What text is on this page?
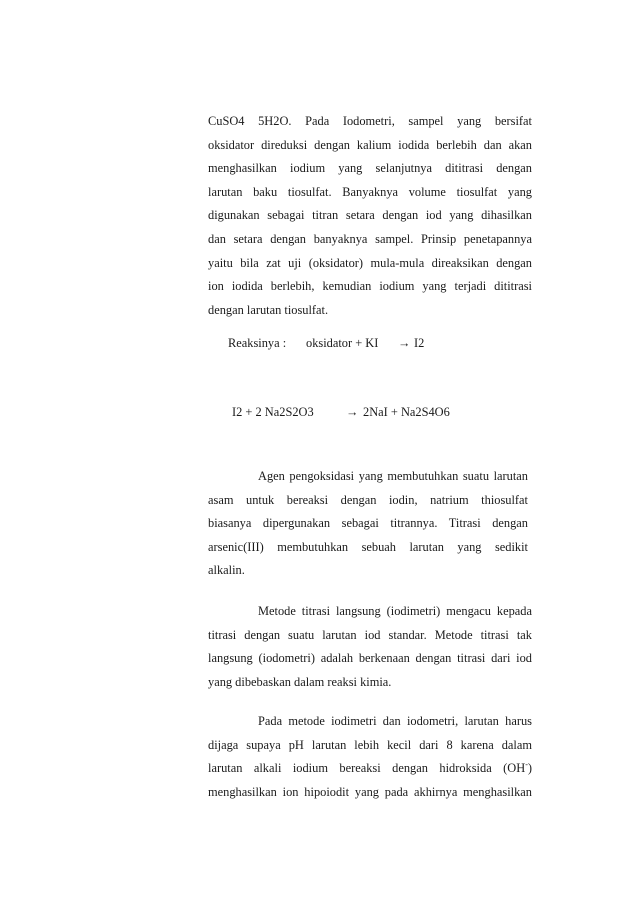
CuSO4 5H2O. Pada Iodometri, sampel yang bersifat
oksidator direduksi dengan kalium iodida berlebih dan akan
menghasilkan iodium yang selanjutnya dititrasi dengan
larutan baku tiosulfat. Banyaknya volume tiosulfat yang
digunakan sebagai titran setara dengan iod yang dihasilkan
dan setara dengan banyaknya sampel. Prinsip penetapannya
yaitu bila zat uji (oksidator) mula-mula direaksikan dengan
ion iodida berlebih, kemudian iodium yang terjadi dititrasi
dengan larutan tiosulfat.

Reaksinya : oksidator + KI → I2
I2 + 2 Na2S2O3	→ 2NaI + Na2S4O6

Agen pengoksidasi yang membutuhkan suatu larutan
asam untuk bereaksi dengan iodin, natrium thiosulfat
biasanya dipergunakan sebagai titrannya. Titrasi dengan
arsenic(III) membutuhkan sebuah larutan yang sedikit
alkalin.

Metode titrasi langsung (iodimetri) mengacu kepada
titrasi dengan suatu larutan iod standar. Metode titrasi tak
langsung (iodometri) adalah berkenaan dengan titrasi dari iod
yang dibebaskan dalam reaksi kimia.

Pada metode iodimetri dan iodometri, larutan harus
dijaga supaya pH larutan lebih kecil dari 8 karena dalam
larutan alkali iodium bereaksi dengan hidroksida (OH-)
menghasilkan ion hipoiodit yang pada akhirnya menghasilkan
